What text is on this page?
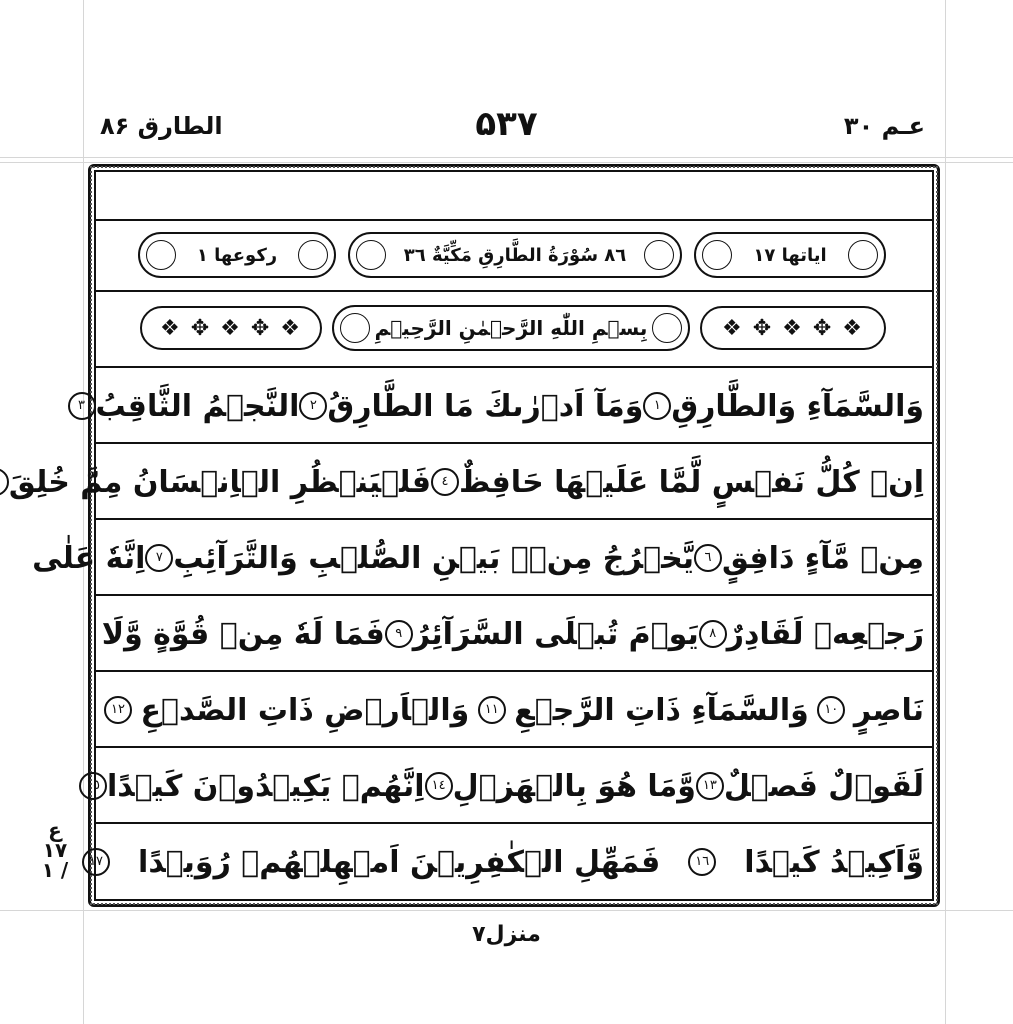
الطارق ۸۶	۵۳۷	عـم ۳۰
ركوعها ١	٨٦ سُوْرَةُ الطَّارِقِ مَكِّيَّةٌ ٣٦	اياتها ١٧
❖ ✥ ❖ ✥ ❖	بِسۡمِ اللّٰهِ الرَّحۡمٰنِ الرَّحِيۡمِ	❖ ✥ ❖ ✥ ❖
وَالسَّمَآءِ وَالطَّارِقِ
١
وَمَآ اَدۡرٰٮكَ مَا الطَّارِقُ
٢
النَّجۡمُ الثَّاقِبُ
٣
اِنۡ كُلُّ نَفۡسٍ لَّمَّا عَلَيۡهَا حَافِظٌ
٤
فَلۡيَنۡظُرِ الۡاِنۡسَانُ مِمَّ خُلِقَ
مِنۡ مَّآءٍ دَافِقٍ
٦
يَّخۡرُجُ مِنۡۢ بَيۡنِ الصُّلۡبِ وَالتَّرَآئِبِ
٧
اِنَّهٗ عَلٰى
رَجۡعِهٖ لَقَادِرٌ
٨
يَوۡمَ تُبۡلَى السَّرَآئِرُ
٩
فَمَا لَهٗ مِنۡ قُوَّةٍ وَّلَا
نَاصِرٍ
١٠
وَالسَّمَآءِ ذَاتِ الرَّجۡعِ
١١
وَالۡاَرۡضِ ذَاتِ الصَّدۡعِ
١٢
لَقَوۡلٌ فَصۡلٌ
١٣
وَّمَا هُوَ بِالۡهَزۡلِ
١٤
اِنَّهُمۡ يَكِيۡدُوۡنَ كَيۡدًا
١٥
وَّاَكِيۡدُ كَيۡدًا
١٦
فَمَهِّلِ الۡكٰفِرِيۡنَ اَمۡهِلۡهُمۡ رُوَيۡدًا
١٧
ع ١٧ / ١
منزل۷
